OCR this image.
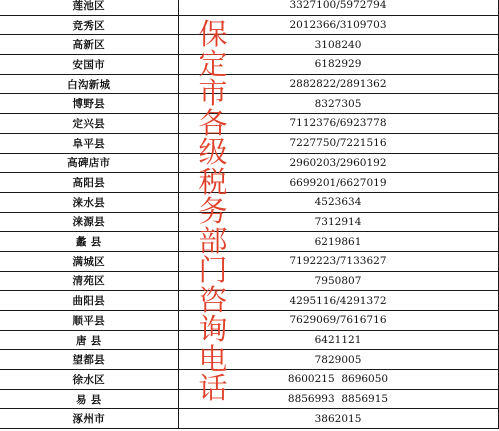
莲池区	3327100/5972794
竞秀区	2012366/3109703
高新区	3108240
安国市	6182929
白沟新城	2882822/2891362
博野县	8327305
定兴县	7112376/6923778
阜平县	7227750/7221516
高碑店市	2960203/2960192
高阳县	6699201/6627019
涞水县	4523634
涞源县	7312914
蠡 县	6219861
满城区	7192223/7133627
清苑区	7950807
曲阳县	4295116/4291372
顺平县	7629069/7616716
唐 县	6421121
望都县	7829005
徐水区	8600215  8696050
易 县	8856993  8856915
涿州市	3862015
保定市各级税务部门咨询电话
